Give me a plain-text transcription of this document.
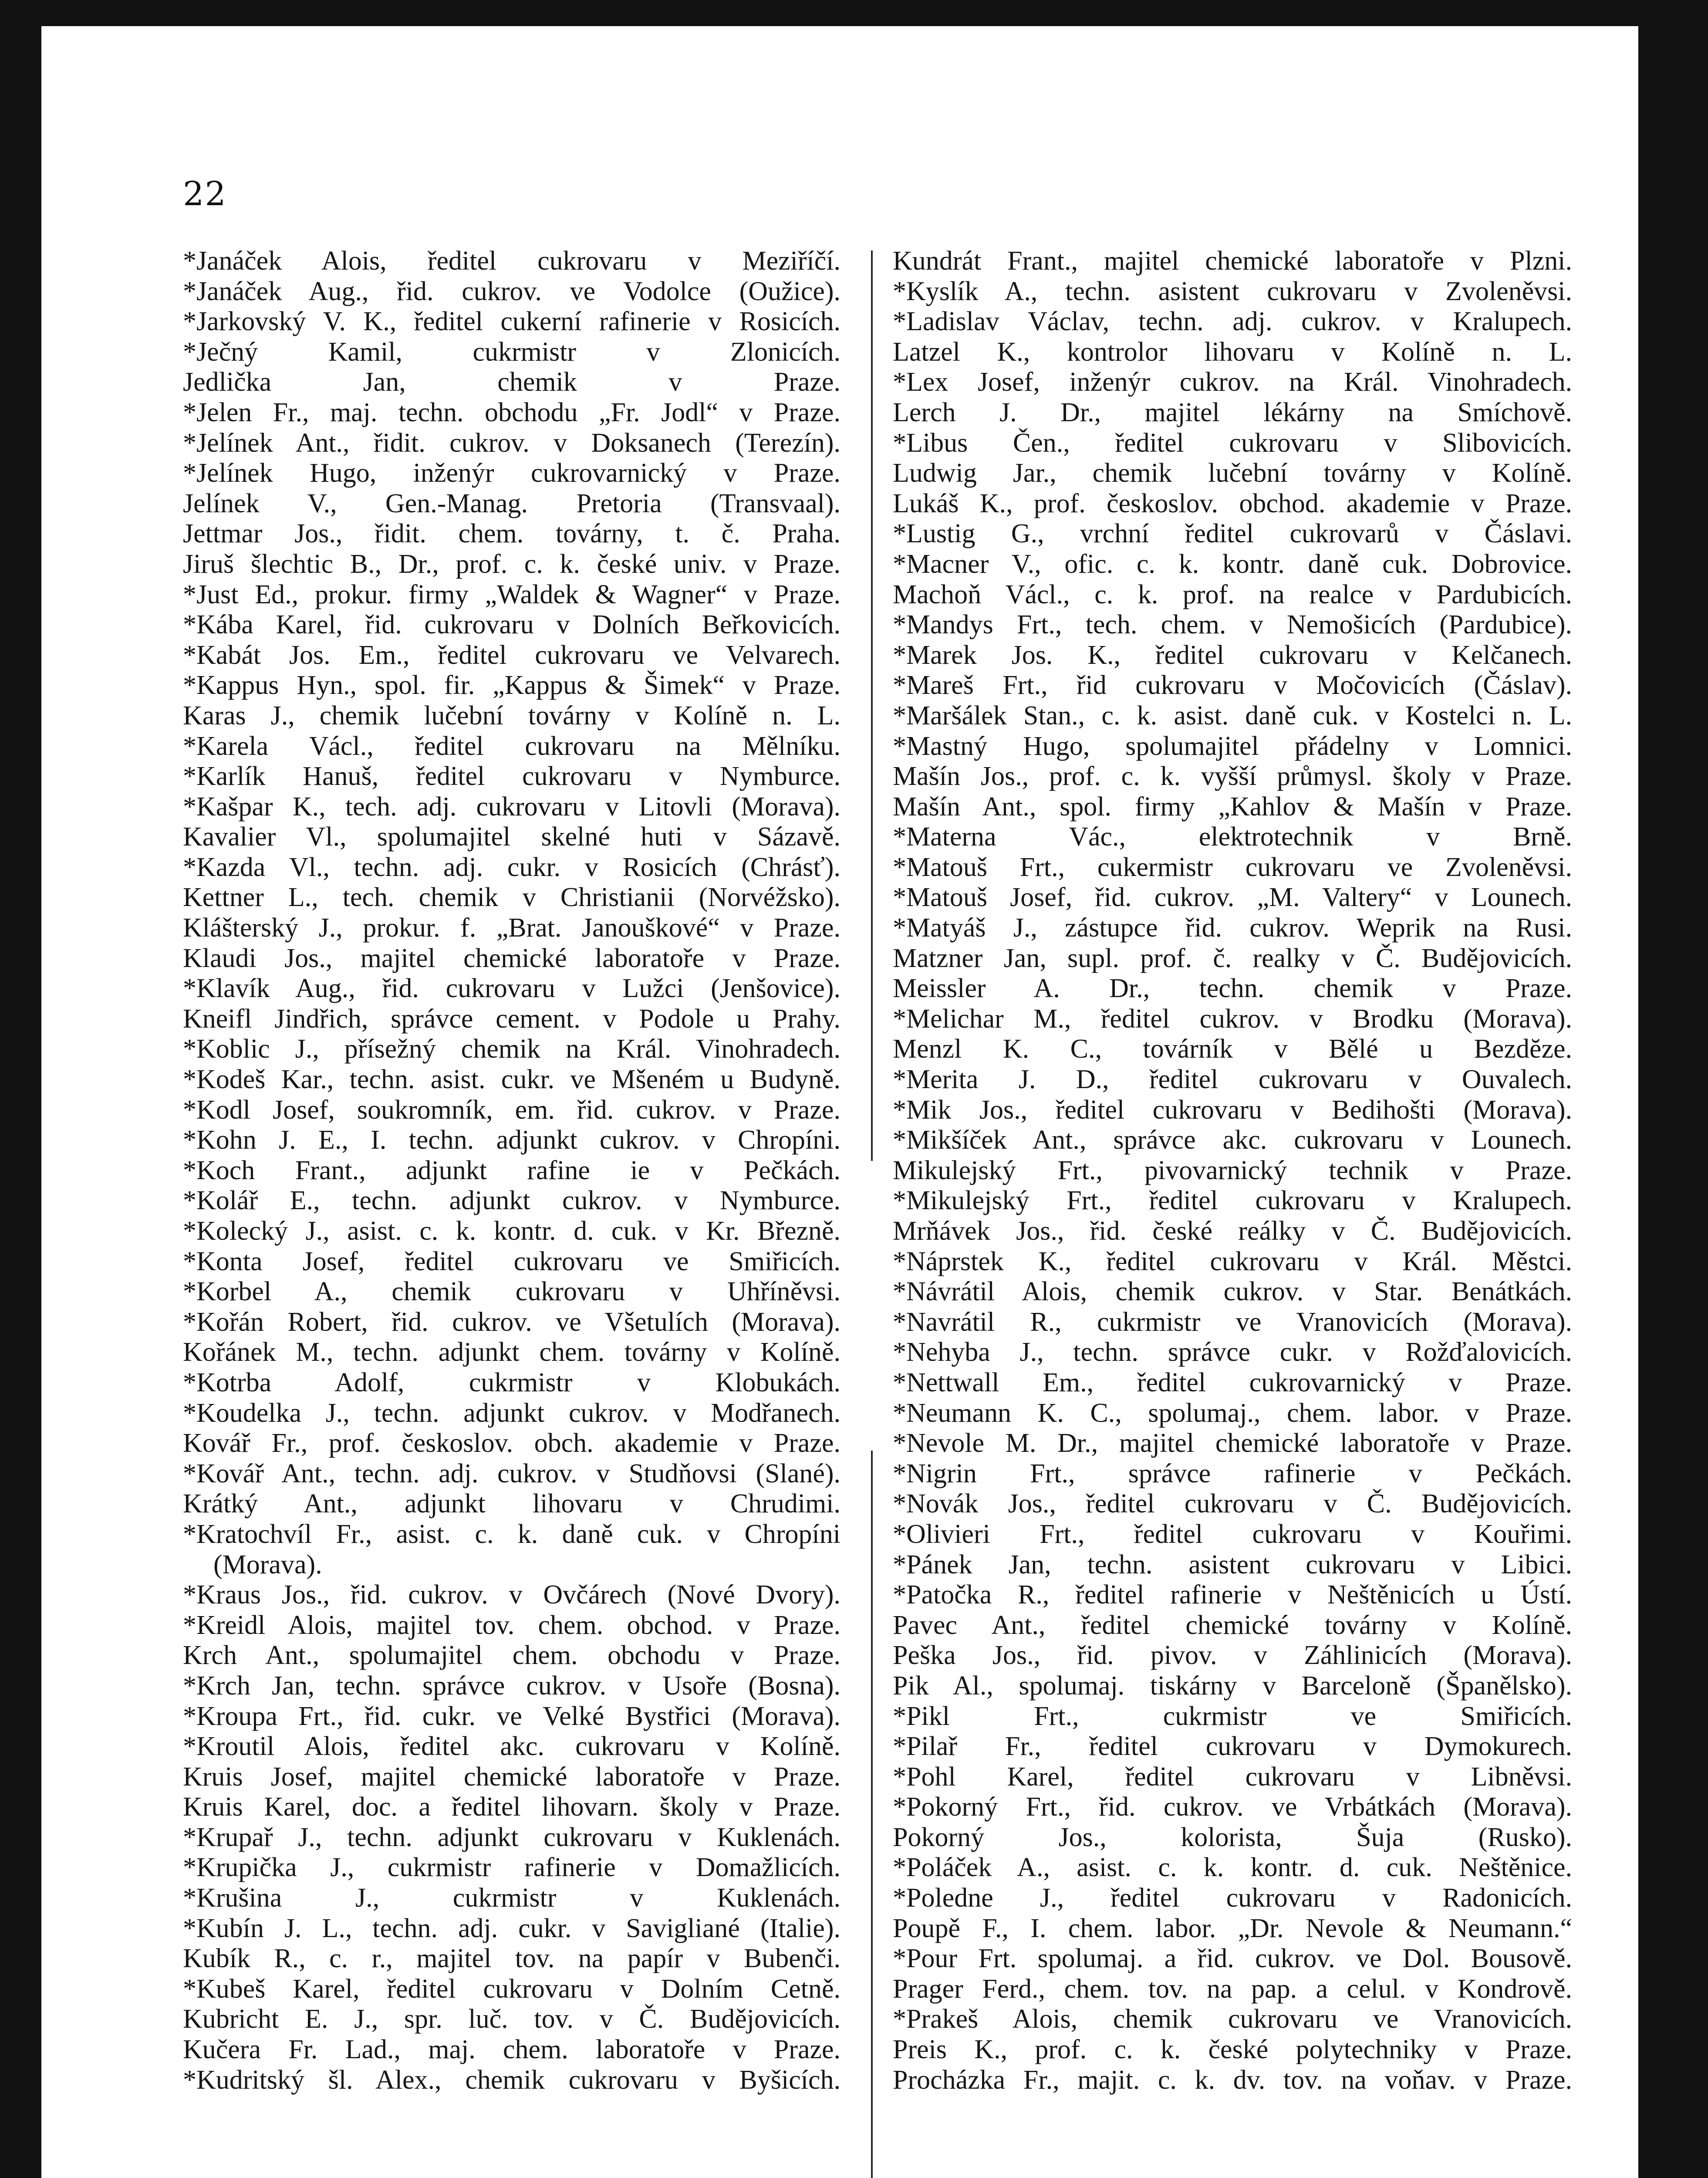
22
*Janáček Alois, ředitel cukrovaru v Meziříčí.
*Janáček Aug., řid. cukrov. ve Vodolce (Oužice).
*Jarkovský V. K., ředitel cukerní rafinerie v Rosicích.
*Ječný Kamil, cukrmistr v Zlonicích.
Jedlička Jan, chemik v Praze.
*Jelen Fr., maj. techn. obchodu „Fr. Jodl“ v Praze.
*Jelínek Ant., řidit. cukrov. v Doksanech (Terezín).
*Jelínek Hugo, inženýr cukrovarnický v Praze.
Jelínek V., Gen.-Manag. Pretoria (Transvaal).
Jettmar Jos., řidit. chem. továrny, t. č. Praha.
Jiruš šlechtic B., Dr., prof. c. k. české univ. v Praze.
*Just Ed., prokur. firmy „Waldek & Wagner“ v Praze.
*Kába Karel, řid. cukrovaru v Dolních Beřkovicích.
*Kabát Jos. Em., ředitel cukrovaru ve Velvarech.
*Kappus Hyn., spol. fir. „Kappus & Šimek“ v Praze.
Karas J., chemik lučební továrny v Kolíně n. L.
*Karela Václ., ředitel cukrovaru na Mělníku.
*Karlík Hanuš, ředitel cukrovaru v Nymburce.
*Kašpar K., tech. adj. cukrovaru v Litovli (Morava).
Kavalier Vl., spolumajitel skelné huti v Sázavě.
*Kazda Vl., techn. adj. cukr. v Rosicích (Chrásť).
Kettner L., tech. chemik v Christianii (Norvéžsko).
Klášterský J., prokur. f. „Brat. Janouškové“ v Praze.
Klaudi Jos., majitel chemické laboratoře v Praze.
*Klavík Aug., řid. cukrovaru v Lužci (Jenšovice).
Kneifl Jindřich, správce cement. v Podole u Prahy.
*Koblic J., přísežný chemik na Král. Vinohradech.
*Kodeš Kar., techn. asist. cukr. ve Mšeném u Budyně.
*Kodl Josef, soukromník, em. řid. cukrov. v Praze.
*Kohn J. E., I. techn. adjunkt cukrov. v Chropíni.
*Koch Frant., adjunkt rafine ie v Pečkách.
*Kolář E., techn. adjunkt cukrov. v Nymburce.
*Kolecký J., asist. c. k. kontr. d. cuk. v Kr. Březně.
*Konta Josef, ředitel cukrovaru ve Smiřicích.
*Korbel A., chemik cukrovaru v Uhříněvsi.
*Kořán Robert, řid. cukrov. ve Všetulích (Morava).
Kořánek M., techn. adjunkt chem. továrny v Kolíně.
*Kotrba Adolf, cukrmistr v Klobukách.
*Koudelka J., techn. adjunkt cukrov. v Modřanech.
Kovář Fr., prof. českoslov. obch. akademie v Praze.
*Kovář Ant., techn. adj. cukrov. v Studňovsi (Slané).
Krátký Ant., adjunkt lihovaru v Chrudimi.
*Kratochvíl Fr., asist. c. k. daně cuk. v Chropíni
(Morava).
*Kraus Jos., řid. cukrov. v Ovčárech (Nové Dvory).
*Kreidl Alois, majitel tov. chem. obchod. v Praze.
Krch Ant., spolumajitel chem. obchodu v Praze.
*Krch Jan, techn. správce cukrov. v Usoře (Bosna).
*Kroupa Frt., řid. cukr. ve Velké Bystřici (Morava).
*Kroutil Alois, ředitel akc. cukrovaru v Kolíně.
Kruis Josef, majitel chemické laboratoře v Praze.
Kruis Karel, doc. a ředitel lihovarn. školy v Praze.
*Krupař J., techn. adjunkt cukrovaru v Kuklenách.
*Krupička J., cukrmistr rafinerie v Domažlicích.
*Krušina J., cukrmistr v Kuklenách.
*Kubín J. L., techn. adj. cukr. v Savigliané (Italie).
Kubík R., c. r., majitel tov. na papír v Bubenči.
*Kubeš Karel, ředitel cukrovaru v Dolním Cetně.
Kubricht E. J., spr. luč. tov. v Č. Budějovicích.
Kučera Fr. Lad., maj. chem. laboratoře v Praze.
*Kudritský šl. Alex., chemik cukrovaru v Byšicích.
Kundrát Frant., majitel chemické laboratoře v Plzni.
*Kyslík A., techn. asistent cukrovaru v Zvoleněvsi.
*Ladislav Václav, techn. adj. cukrov. v Kralupech.
Latzel K., kontrolor lihovaru v Kolíně n. L.
*Lex Josef, inženýr cukrov. na Král. Vinohradech.
Lerch J. Dr., majitel lékárny na Smíchově.
*Libus Čen., ředitel cukrovaru v Slibovicích.
Ludwig Jar., chemik lučební továrny v Kolíně.
Lukáš K., prof. českoslov. obchod. akademie v Praze.
*Lustig G., vrchní ředitel cukrovarů v Čáslavi.
*Macner V., ofic. c. k. kontr. daně cuk. Dobrovice.
Machoň Václ., c. k. prof. na realce v Pardubicích.
*Mandys Frt., tech. chem. v Nemošicích (Pardubice).
*Marek Jos. K., ředitel cukrovaru v Kelčanech.
*Mareš Frt., řid cukrovaru v Močovicích (Čáslav).
*Maršálek Stan., c. k. asist. daně cuk. v Kostelci n. L.
*Mastný Hugo, spolumajitel přádelny v Lomnici.
Mašín Jos., prof. c. k. vyšší průmysl. školy v Praze.
Mašín Ant., spol. firmy „Kahlov & Mašín v Praze.
*Materna Vác., elektrotechnik v Brně.
*Matouš Frt., cukermistr cukrovaru ve Zvoleněvsi.
*Matouš Josef, řid. cukrov. „M. Valtery“ v Lounech.
*Matyáš J., zástupce řid. cukrov. Weprik na Rusi.
Matzner Jan, supl. prof. č. realky v Č. Budějovicích.
Meissler A. Dr., techn. chemik v Praze.
*Melichar M., ředitel cukrov. v Brodku (Morava).
Menzl K. C., továrník v Bělé u Bezdĕze.
*Merita J. D., ředitel cukrovaru v Ouvalech.
*Mik Jos., ředitel cukrovaru v Bedihošti (Morava).
*Mikšíček Ant., správce akc. cukrovaru v Lounech.
Mikulejský Frt., pivovarnický technik v Praze.
*Mikulejský Frt., ředitel cukrovaru v Kralupech.
Mrňávek Jos., řid. české reálky v Č. Budějovicích.
*Náprstek K., ředitel cukrovaru v Král. Městci.
*Návrátil Alois, chemik cukrov. v Star. Benátkách.
*Navrátil R., cukrmistr ve Vranovicích (Morava).
*Nehyba J., techn. správce cukr. v Rožďalovicích.
*Nettwall Em., ředitel cukrovarnický v Praze.
*Neumann K. C., spolumaj., chem. labor. v Praze.
*Nevole M. Dr., majitel chemické laboratoře v Praze.
*Nigrin Frt., správce rafinerie v Pečkách.
*Novák Jos., ředitel cukrovaru v Č. Budějovicích.
*Olivieri Frt., ředitel cukrovaru v Kouřimi.
*Pánek Jan, techn. asistent cukrovaru v Libici.
*Patočka R., ředitel rafinerie v Neštěnicích u Ústí.
Pavec Ant., ředitel chemické továrny v Kolíně.
Peška Jos., řid. pivov. v Záhlinicích (Morava).
Pik Al., spolumaj. tiskárny v Barceloně (Španělsko).
*Pikl Frt., cukrmistr ve Smiřicích.
*Pilař Fr., ředitel cukrovaru v Dymokurech.
*Pohl Karel, ředitel cukrovaru v Libněvsi.
*Pokorný Frt., řid. cukrov. ve Vrbátkách (Morava).
Pokorný Jos., kolorista, Šuja (Rusko).
*Poláček A., asist. c. k. kontr. d. cuk. Neštěnice.
*Poledne J., ředitel cukrovaru v Radonicích.
Poupě F., I. chem. labor. „Dr. Nevole & Neumann.“
*Pour Frt. spolumaj. a řid. cukrov. ve Dol. Bousově.
Prager Ferd., chem. tov. na pap. a celul. v Kondrově.
*Prakeš Alois, chemik cukrovaru ve Vranovicích.
Preis K., prof. c. k. české polytechniky v Praze.
Procházka Fr., majit. c. k. dv. tov. na voňav. v Praze.
